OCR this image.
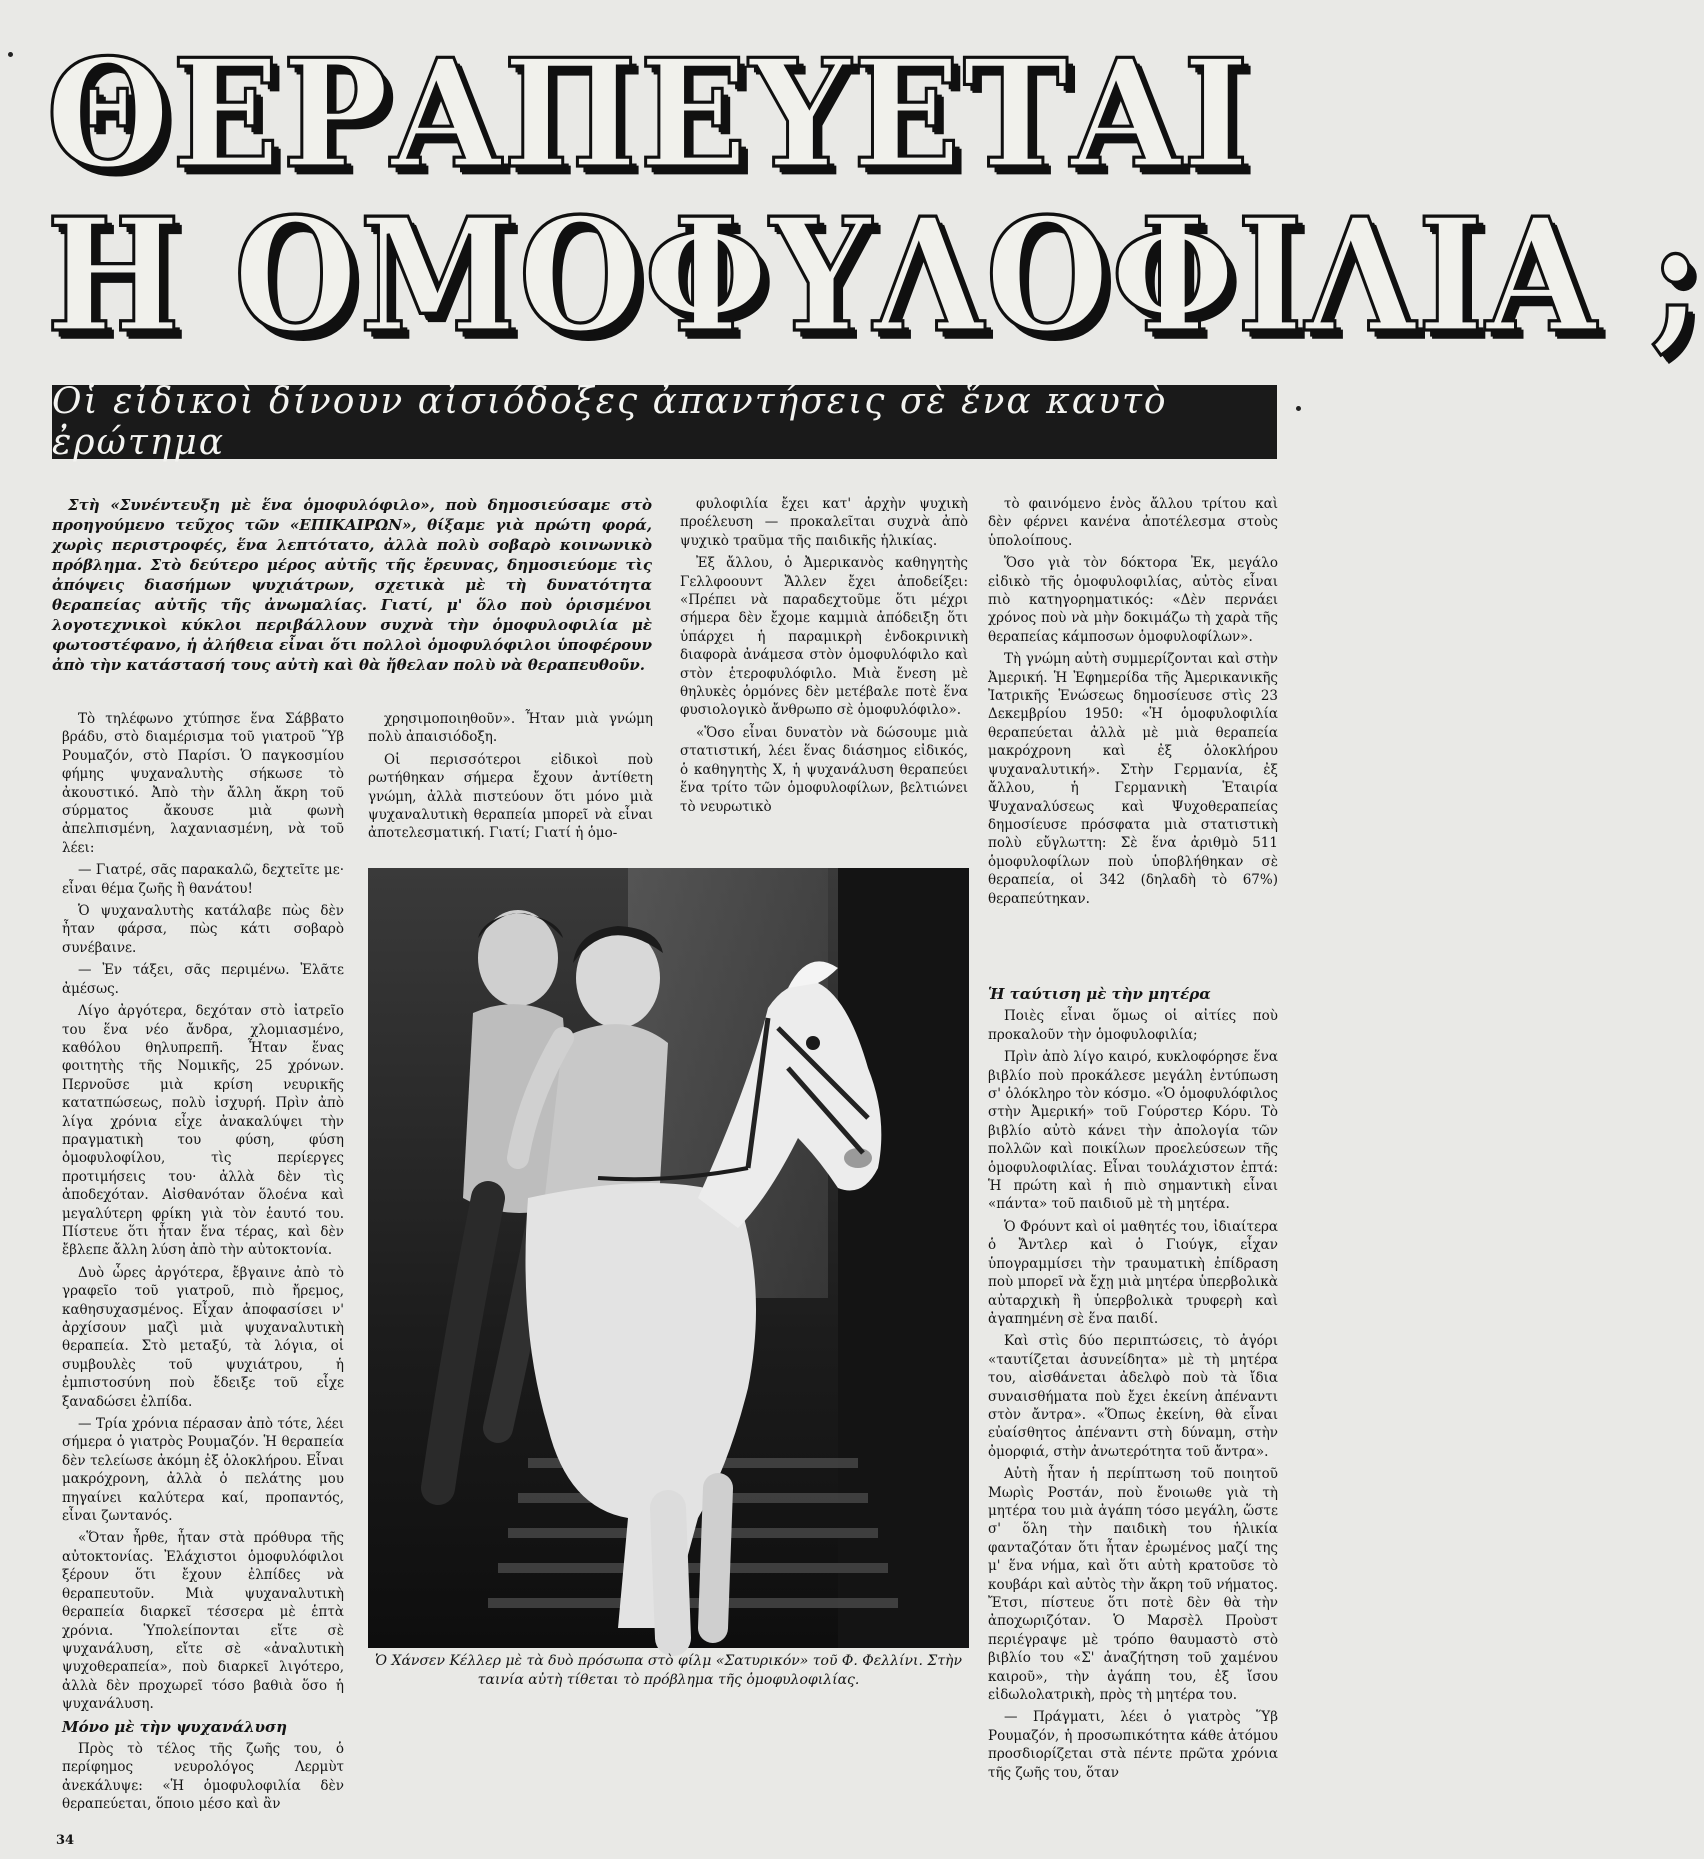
ΘΕΡΑΠΕΥΕΤΑΙ
Η ΟΜΟΦΥΛΟΦΙΛΙΑ ;
Οἱ εἰδικοὶ δίνουν αἰσιόδοξες ἀπαντήσεις σὲ ἕνα καυτὸ ἐρώτημα

Στὴ «Συνέντευξη μὲ ἕνα ὁμοφυλόφιλο», ποὺ δημοσιεύσαμε στὸ προηγούμενο τεῦχος τῶν «ΕΠΙΚΑΙΡΩΝ», θίξαμε γιὰ πρώτη φορά, χωρὶς περιστροφές, ἕνα λεπτότατο, ἀλλὰ πολὺ σοβαρὸ κοινωνικὸ πρόβλημα. Στὸ δεύτερο μέρος αὐτῆς τῆς ἔρευνας, δημοσιεύομε τὶς ἀπόψεις διασήμων ψυχιάτρων, σχετικὰ μὲ τὴ δυνατότητα θεραπείας αὐτῆς τῆς ἀνωμαλίας. Γιατί, μ' ὅλο ποὺ ὁρισμένοι λογοτεχνικοὶ κύκλοι περιβάλλουν συχνὰ τὴν ὁμοφυλοφιλία μὲ φωτοστέφανο, ἡ ἀλήθεια εἶναι ὅτι πολλοὶ ὁμοφυλόφιλοι ὑποφέρουν ἀπὸ τὴν κατάστασή τους αὐτὴ καὶ θὰ ἤθελαν πολὺ νὰ θεραπευθοῦν.

Τὸ τηλέφωνο χτύπησε ἕνα Σάββατο βράδυ, στὸ διαμέρισμα τοῦ γιατροῦ Ὕβ Ρουμαζόν, στὸ Παρίσι. Ὁ παγκοσμίου φήμης ψυχαναλυτὴς σήκωσε τὸ ἀκουστικό. Ἀπὸ τὴν ἄλλη ἄκρη τοῦ σύρματος ἄκουσε μιὰ φωνὴ ἀπελπισμένη, λαχανιασμένη, νὰ τοῦ λέει:

— Γιατρέ, σᾶς παρακαλῶ, δεχτεῖτε με· εἶναι θέμα ζωῆς ἢ θανάτου!

Ὁ ψυχαναλυτὴς κατάλαβε πὼς δὲν ἦταν φάρσα, πὼς κάτι σοβαρὸ συνέβαινε.

— Ἐν τάξει, σᾶς περιμένω. Ἐλᾶτε ἀμέσως.

Λίγο ἀργότερα, δεχόταν στὸ ἰατρεῖο του ἕνα νέο ἄνδρα, χλομιασμένο, καθόλου θηλυπρεπῆ. Ἦταν ἕνας φοιτητὴς τῆς Νομικῆς, 25 χρόνων. Περνοῦσε μιὰ κρίση νευρικῆς κατατπώσεως, πολὺ ἰσχυρή. Πρὶν ἀπὸ λίγα χρόνια εἶχε ἀνακαλύψει τὴν πραγματικὴ του φύση, φύση ὁμοφυλοφίλου, τὶς περίεργες προτιμήσεις του· ἀλλὰ δὲν τὶς ἀποδεχόταν. Αἰσθανόταν ὅλοένα καὶ μεγαλύτερη φρίκη γιὰ τὸν ἑαυτό του. Πίστευε ὅτι ἦταν ἕνα τέρας, καὶ δὲν ἔβλεπε ἄλλη λύση ἀπὸ τὴν αὐτοκτονία.

Δυὸ ὧρες ἀργότερα, ἔβγαινε ἀπὸ τὸ γραφεῖο τοῦ γιατροῦ, πιὸ ἤρεμος, καθησυχασμένος. Εἶχαν ἀποφασίσει ν' ἀρχίσουν μαζὶ μιὰ ψυχαναλυτικὴ θεραπεία. Στὸ μεταξύ, τὰ λόγια, οἱ συμβουλὲς τοῦ ψυχιάτρου, ἡ ἐμπιστοσύνη ποὺ ἔδειξε τοῦ εἶχε ξαναδώσει ἐλπίδα.

— Τρία χρόνια πέρασαν ἀπὸ τότε, λέει σήμερα ὁ γιατρὸς Ρουμαζόν. Ἡ θεραπεία δὲν τελείωσε ἀκόμη ἐξ ὁλοκλήρου. Εἶναι μακρόχρονη, ἀλλὰ ὁ πελάτης μου πηγαίνει καλύτερα καί, προπαντός, εἶναι ζωντανός.

«Ὅταν ἦρθε, ἦταν στὰ πρόθυρα τῆς αὐτοκτονίας. Ἐλάχιστοι ὁμοφυλόφιλοι ξέρουν ὅτι ἔχουν ἐλπίδες νὰ θεραπευτοῦν. Μιὰ ψυχαναλυτικὴ θεραπεία διαρκεῖ τέσσερα μὲ ἑπτὰ χρόνια. Ὑπολείπονται εἴτε σὲ ψυχανάλυση, εἴτε σὲ «ἀναλυτικὴ ψυχοθεραπεία», ποὺ διαρκεῖ λιγότερο, ἀλλὰ δὲν προχωρεῖ τόσο βαθιὰ ὅσο ἡ ψυχανάλυση.

Μόνο μὲ τὴν ψυχανάλυση

Πρὸς τὸ τέλος τῆς ζωῆς του, ὁ περίφημος νευρολόγος Λερμὺτ ἀνεκάλυψε: «Ἡ ὁμοφυλοφιλία δὲν θεραπεύεται, ὅποιο μέσο καὶ ἂν

χρησιμοποιηθοῦν». Ἦταν μιὰ γνώμη πολὺ ἀπαισιόδοξη.

Οἱ περισσότεροι εἰδικοὶ ποὺ ρωτήθηκαν σήμερα ἔχουν ἀντίθετη γνώμη, ἀλλὰ πιστεύουν ὅτι μόνο μιὰ ψυχαναλυτικὴ θεραπεία μπορεῖ νὰ εἶναι ἀποτελεσματική. Γιατί; Γιατί ἡ ὁμο-

φυλοφιλία ἔχει κατ' ἀρχὴν ψυχικὴ προέλευση — προκαλεῖται συχνὰ ἀπὸ ψυχικὸ τραῦμα τῆς παιδικῆς ἡλικίας.

Ἐξ ἄλλου, ὁ Ἀμερικανὸς καθηγητὴς Γελλφοουντ Ἄλλεν ἔχει ἀποδείξει: «Πρέπει νὰ παραδεχτοῦμε ὅτι μέχρι σήμερα δὲν ἔχομε καμμιὰ ἀπόδειξη ὅτι ὑπάρχει ἡ παραμικρὴ ἐνδοκρινικὴ διαφορὰ ἀνάμεσα στὸν ὁμοφυλόφιλο καὶ στὸν ἑτεροφυλόφιλο. Μιὰ ἔνεση μὲ θηλυκὲς ὁρμόνες δὲν μετέβαλε ποτὲ ἕνα φυσιολογικὸ ἄνθρωπο σὲ ὁμοφυλόφιλο».

«Ὅσο εἶναι δυνατὸν νὰ δώσουμε μιὰ στατιστική, λέει ἕνας διάσημος εἰδικός, ὁ καθηγητὴς Χ, ἡ ψυχανάλυση θεραπεύει ἕνα τρίτο τῶν ὁμοφυλοφίλων, βελτιώνει τὸ νευρωτικὸ

τὸ φαινόμενο ἑνὸς ἄλλου τρίτου καὶ δὲν φέρνει κανένα ἀποτέλεσμα στοὺς ὑπολοίπους.

Ὅσο γιὰ τὸν δόκτορα Ἐκ, μεγάλο εἰδικὸ τῆς ὁμοφυλοφιλίας, αὐτὸς εἶναι πιὸ κατηγορηματικός: «Δὲν περνάει χρόνος ποὺ νὰ μὴν δοκιμάζω τὴ χαρὰ τῆς θεραπείας κάμποσων ὁμοφυλοφίλων».

Τὴ γνώμη αὐτὴ συμμερίζονται καὶ στὴν Ἀμερική. Ἡ Ἐφημερίδα τῆς Ἀμερικανικῆς Ἰατρικῆς Ἑνώσεως δημοσίευσε στὶς 23 Δεκεμβρίου 1950: «Ἡ ὁμοφυλοφιλία θεραπεύεται ἀλλὰ μὲ μιὰ θεραπεία μακρόχρονη καὶ ἐξ ὁλοκλήρου ψυχαναλυτική». Στὴν Γερμανία, ἐξ ἄλλου, ἡ Γερμανικὴ Ἑταιρία Ψυχαναλύσεως καὶ Ψυχοθεραπείας δημοσίευσε πρόσφατα μιὰ στατιστικὴ πολὺ εὔγλωττη: Σὲ ἕνα ἀριθμὸ 511 ὁμοφυλοφίλων ποὺ ὑποβλήθηκαν σὲ θεραπεία, οἱ 342 (δηλαδὴ τὸ 67%) θεραπεύτηκαν.

Ἡ ταύτιση μὲ τὴν μητέρα

Ποιὲς εἶναι ὅμως οἱ αἰτίες ποὺ προκαλοῦν τὴν ὁμοφυλοφιλία;

Πρὶν ἀπὸ λίγο καιρό, κυκλοφόρησε ἕνα βιβλίο ποὺ προκάλεσε μεγάλη ἐντύπωση σ' ὁλόκληρο τὸν κόσμο. «Ὁ ὁμοφυλόφιλος στὴν Ἀμερική» τοῦ Γούρστερ Κόρυ. Τὸ βιβλίο αὐτὸ κάνει τὴν ἀπολογία τῶν πολλῶν καὶ ποικίλων προελεύσεων τῆς ὁμοφυλοφιλίας. Εἶναι τουλάχιστον ἑπτά: Ἡ πρώτη καὶ ἡ πιὸ σημαντικὴ εἶναι «πάντα» τοῦ παιδιοῦ μὲ τὴ μητέρα.

Ὁ Φρόυντ καὶ οἱ μαθητές του, ἰδιαίτερα ὁ Ἄντλερ καὶ ὁ Γιούγκ, εἶχαν ὑπογραμμίσει τὴν τραυματικὴ ἐπίδραση ποὺ μπορεῖ νὰ ἔχῃ μιὰ μητέρα ὑπερβολικὰ αὐταρχικὴ ἢ ὑπερβολικὰ τρυφερὴ καὶ ἀγαπημένη σὲ ἕνα παιδί.

Καὶ στὶς δύο περιπτώσεις, τὸ ἀγόρι «ταυτίζεται ἀσυνείδητα» μὲ τὴ μητέρα του, αἰσθάνεται ἀδελφὸ ποὺ τὰ ἴδια συναισθήματα ποὺ ἔχει ἐκείνη ἀπέναντι στὸν ἄντρα». «Ὅπως ἐκείνη, θὰ εἶναι εὐαίσθητος ἀπέναντι στὴ δύναμη, στὴν ὀμορφιά, στὴν ἀνωτερότητα τοῦ ἄντρα».

Αὐτὴ ἦταν ἡ περίπτωση τοῦ ποιητοῦ Μωρὶς Ροστάν, ποὺ ἔνοιωθε γιὰ τὴ μητέρα του μιὰ ἀγάπη τόσο μεγάλη, ὥστε σ' ὅλη τὴν παιδικὴ του ἡλικία φανταζόταν ὅτι ἦταν ἐρωμένος μαζί της μ' ἕνα νήμα, καὶ ὅτι αὐτὴ κρατοῦσε τὸ κουβάρι καὶ αὐτὸς τὴν ἄκρη τοῦ νήματος. Ἔτσι, πίστευε ὅτι ποτὲ δὲν θὰ τὴν ἀποχωριζόταν. Ὁ Μαρσὲλ Προὺστ περιέγραψε μὲ τρόπο θαυμαστὸ στὸ βιβλίο του «Σ' ἀναζήτηση τοῦ χαμένου καιροῦ», τὴν ἀγάπη του, ἐξ ἴσου εἰδωλολατρικὴ, πρὸς τὴ μητέρα του.

— Πράγματι, λέει ὁ γιατρὸς Ὕβ Ρουμαζόν, ἡ προσωπικότητα κάθε ἀτόμου προσδιορίζεται στὰ πέντε πρῶτα χρόνια τῆς ζωῆς του, ὅταν

Ὁ Χάνσεν Κέλλερ μὲ τὰ δυὸ πρόσωπα στὸ φίλμ «Σατυρικόν» τοῦ Φ. Φελλίνι. Στὴν ταινία αὐτὴ τίθεται τὸ πρόβλημα τῆς ὁμοφυλοφιλίας.
34
